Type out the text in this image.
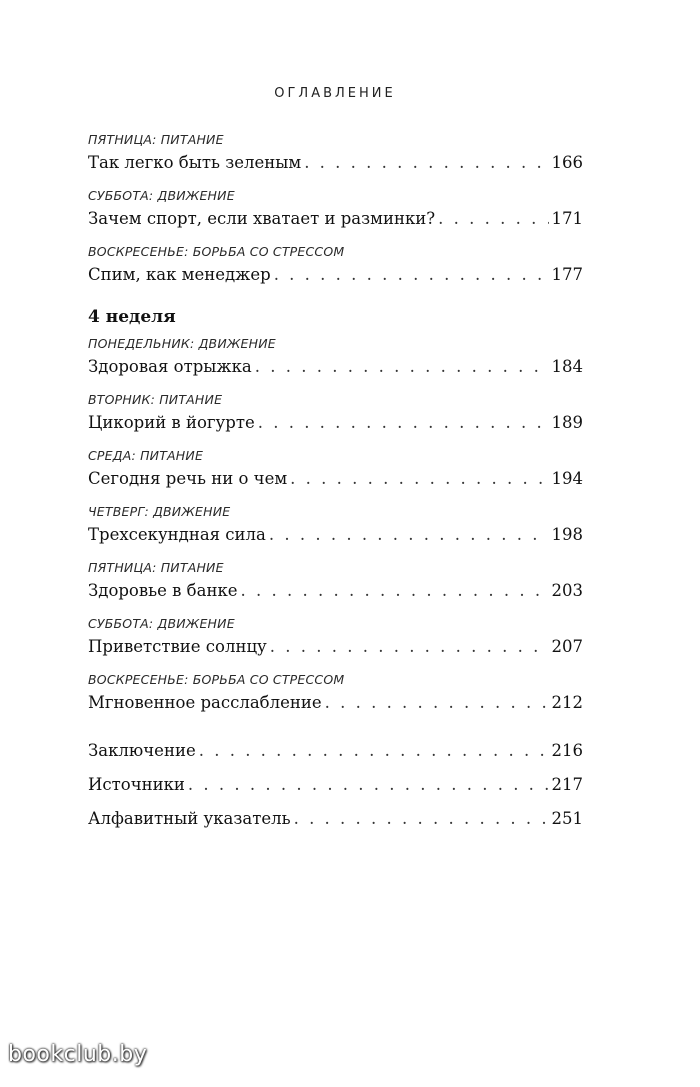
ОГЛАВЛЕНИЕ
ПЯТНИЦА: ПИТАНИЕ
Так легко быть зеленым . . .	166
СУББОТА: ДВИЖЕНИЕ
Зачем спорт, если хватает и разминки? . . .	171
ВОСКРЕСЕНЬЕ: БОРЬБА СО СТРЕССОМ
Спим, как менеджер . . .	177
4 неделя
ПОНЕДЕЛЬНИК: ДВИЖЕНИЕ
Здоровая отрыжка . . .	184
ВТОРНИК: ПИТАНИЕ
Цикорий в йогурте . . .	189
СРЕДА: ПИТАНИЕ
Сегодня речь ни о чем . . .	194
ЧЕТВЕРГ: ДВИЖЕНИЕ
Трехсекундная сила . . .	198
ПЯТНИЦА: ПИТАНИЕ
Здоровье в банке . . .	203
СУББОТА: ДВИЖЕНИЕ
Приветствие солнцу . . .	207
ВОСКРЕСЕНЬЕ: БОРЬБА СО СТРЕССОМ
Мгновенное расслабление . . .	212
Заключение . . .	216
Источники . . .	217
Алфавитный указатель . . .	251
bookclub.by
